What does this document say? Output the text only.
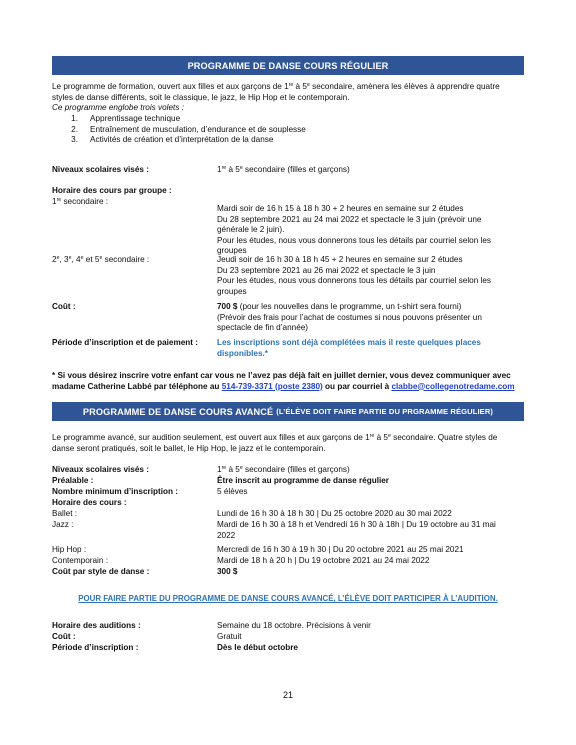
PROGRAMME DE DANSE COURS RÉGULIER
Le programme de formation, ouvert aux filles et aux garçons de 1re à 5e secondaire, amènera les élèves à apprendre quatre
styles de danse différents, soit le classique, le jazz, le Hip Hop et le contemporain.
Ce programme englobe trois volets :
1. Apprentissage technique
2. Entraînement de musculation, d’endurance et de souplesse
3. Activités de création et d’interprétation de la danse
Niveaux scolaires visés :	1re à 5e secondaire (filles et garçons)
Horaire des cours par groupe :
1re secondaire :
Mardi soir de 16 h 15 à 18 h 30 + 2 heures en semaine sur 2 études
Du 28 septembre 2021 au 24 mai 2022 et spectacle le 3 juin (prévoir une
générale le 2 juin).
Pour les études, nous vous donnerons tous les détails par courriel selon les
groupes
2e, 3e, 4e et 5e secondaire :	Jeudi soir de 16 h 30 à 18 h 45 + 2 heures en semaine sur 2 études
Du 23 septembre 2021 au 26 mai 2022 et spectacle le 3 juin
Pour les études, nous vous donnerons tous les détails par courriel selon les
groupes
Coût :	700 $ (pour les nouvelles dans le programme, un t-shirt sera fourni)
(Prévoir des frais pour l’achat de costumes si nous pouvons présenter un
spectacle de fin d’année)
Période d’inscription et de paiement : Les inscriptions sont déjà complétées mais il reste quelques places
disponibles.*
* Si vous désirez inscrire votre enfant car vous ne l’avez pas déjà fait en juillet dernier, vous devez communiquer avec
madame Catherine Labbé par téléphone au 514-739-3371 (poste 2380) ou par courriel à clabbe@collegenotredame.com
PROGRAMME DE DANSE COURS AVANCÉ (L’ÉLÈVE DOIT FAIRE PARTIE DU PRGRAMME RÉGULIER)
Le programme avancé, sur audition seulement, est ouvert aux filles et aux garçons de 1re à 5e secondaire. Quatre styles de
danse seront pratiqués, soit le ballet, le Hip Hop, le jazz et le contemporain.
Niveaux scolaires visés :	1re à 5e secondaire (filles et garçons)
Préalable :	Être inscrit au programme de danse régulier
Nombre minimum d’inscription :	5 élèves
Horaire des cours :
Ballet :	Lundi de 16 h 30 à 18 h 30 | Du 25 octobre 2020 au 30 mai 2022
Jazz :	Mardi de 16 h 30 à 18 h et Vendredi 16 h 30 à 18h | Du 19 octobre au 31 mai
2022
Hip Hop :	Mercredi de 16 h 30 à 19 h 30 | Du 20 octobre 2021 au 25 mai 2021
Contemporain :	Mardi de 18 h à 20 h | Du 19 octobre 2021 au 24 mai 2022
Coût par style de danse :	300 $
POUR FAIRE PARTIE DU PROGRAMME DE DANSE COURS AVANCÉ, L’ÉLÈVE DOIT PARTICIPER À L’AUDITION.
Horaire des auditions :	Semaine du 18 octobre. Précisions à venir
Coût :	Gratuit
Période d’inscription :	Dès le début octobre
21
